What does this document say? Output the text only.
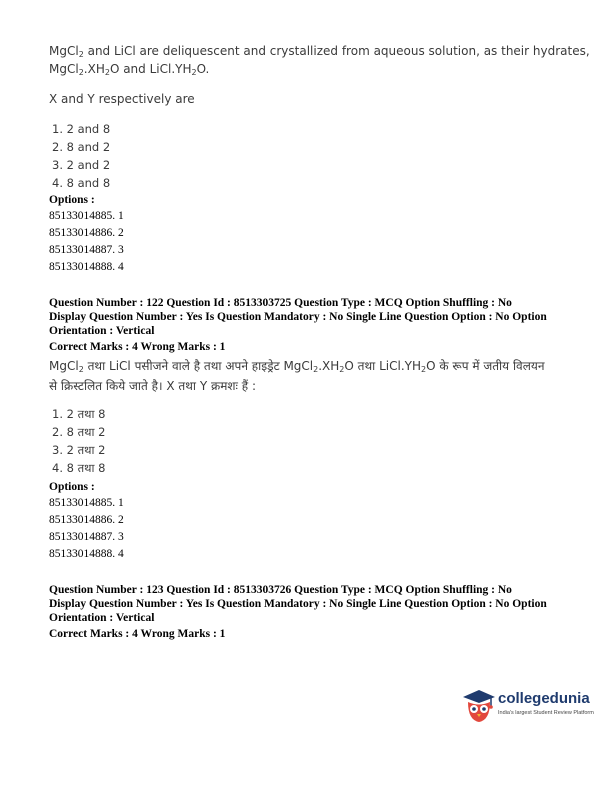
MgCl$_2$ and LiCl are deliquescent and crystallized from aqueous solution, as their hydrates,
$MgCl_2.XH_2O$ and $LiCl.YH_2O$.
X and Y respectively are
1. 2 and 8
2. 8 and 2
3. 2 and 2
4. 8 and 8
Options :
85133014885. 1
85133014886. 2
85133014887. 3
85133014888. 4
Question Number : 122 Question Id : 8513303725 Question Type : MCQ Option Shuffling : No
Display Question Number : Yes Is Question Mandatory : No Single Line Question Option : No Option
Orientation : Vertical
Correct Marks : 4 Wrong Marks : 1
MgCl$_2$ तथा LiCl पसीजने वाले है तथा अपने हाइड्रेट $MgCl_2.XH_2O$ तथा $LiCl.YH_2O$ के रूप में जतीय विलयन
से क्रिस्टलित किये जाते है। X तथा Y क्रमशः हैं :
1. 2 तथा 8
2. 8 तथा 2
3. 2 तथा 2
4. 8 तथा 8
Options :
85133014885. 1
85133014886. 2
85133014887. 3
85133014888. 4
Question Number : 123 Question Id : 8513303726 Question Type : MCQ Option Shuffling : No
Display Question Number : Yes Is Question Mandatory : No Single Line Question Option : No Option
Orientation : Vertical
Correct Marks : 4 Wrong Marks : 1
collegedunia
India's largest Student Review Platform
